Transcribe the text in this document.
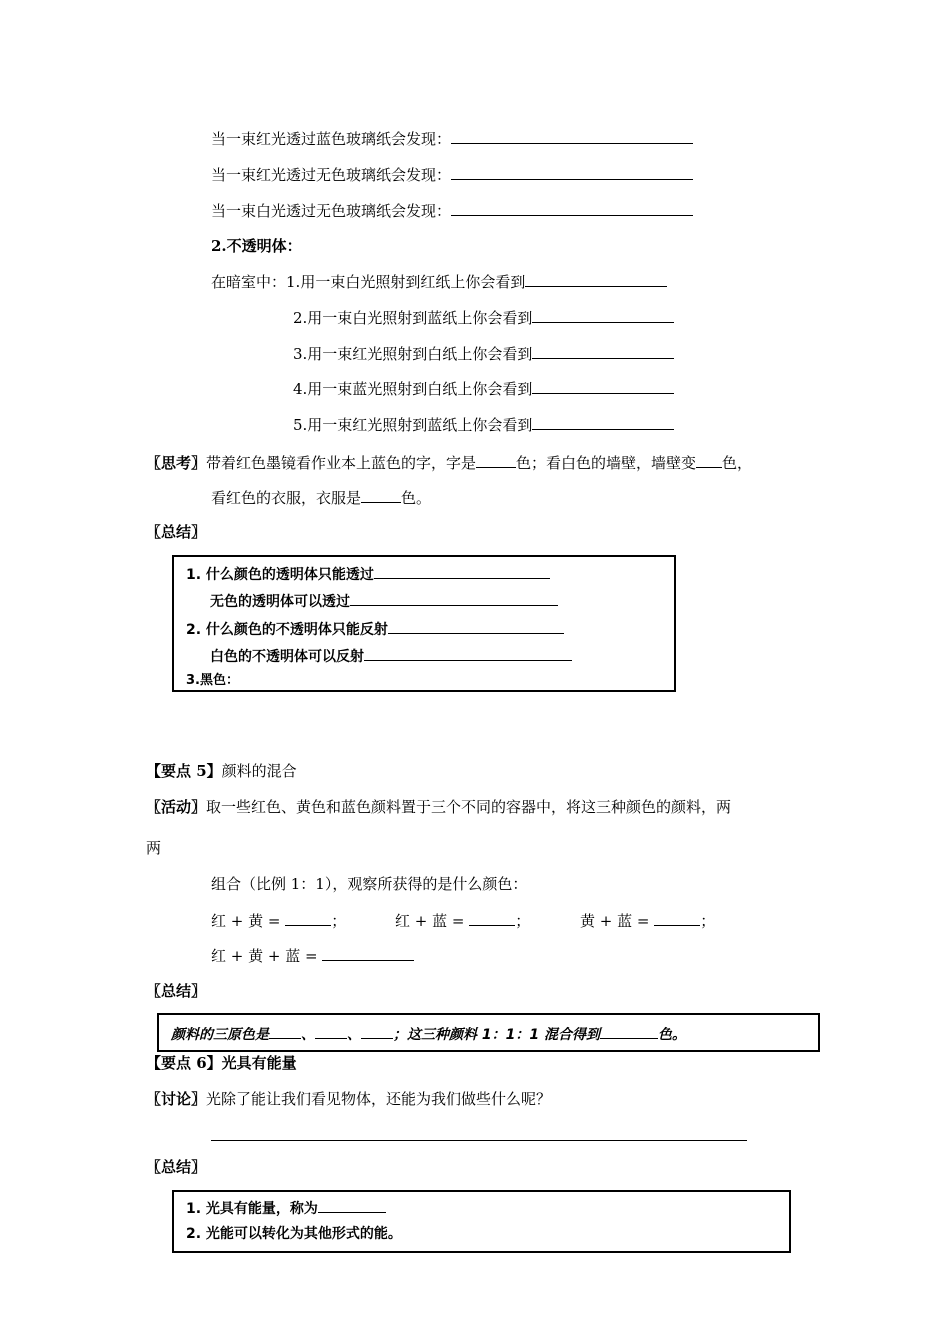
当一束红光透过蓝色玻璃纸会发现：
当一束红光透过无色玻璃纸会发现：
当一束白光透过无色玻璃纸会发现：
2.不透明体：
在暗室中：1.用一束白光照射到红纸上你会看到
2.用一束白光照射到蓝纸上你会看到
3.用一束红光照射到白纸上你会看到
4.用一束蓝光照射到白纸上你会看到
5.用一束红光照射到蓝纸上你会看到
〖思考〗带着红色墨镜看作业本上蓝色的字，字是	色；看白色的墙壁，墙壁变 色，
看红色的衣服，衣服是	色。
〖总结〗
1. 什么颜色的透明体只能透过
无色的透明体可以透过
2. 什么颜色的不透明体只能反射
白色的不透明体可以反射
3.黑色：
【要点 5】颜料的混合
〖活动〗取一些红色、黄色和蓝色颜料置于三个不同的容器中，将这三种颜色的颜料，两
两
组合（比例 1：1），观察所获得的是什么颜色：
红 + 黄 =	；	红 + 蓝 =	；	黄 + 蓝 =	；
红 + 黄 + 蓝 =
〖总结〗
颜料的三原色是 、 、 ；这三种颜料 1：1：1 混合得到	色。
【要点 6】光具有能量
〖讨论〗光除了能让我们看见物体，还能为我们做些什么呢？
〖总结〗
1. 光具有能量，称为
2. 光能可以转化为其他形式的能。
